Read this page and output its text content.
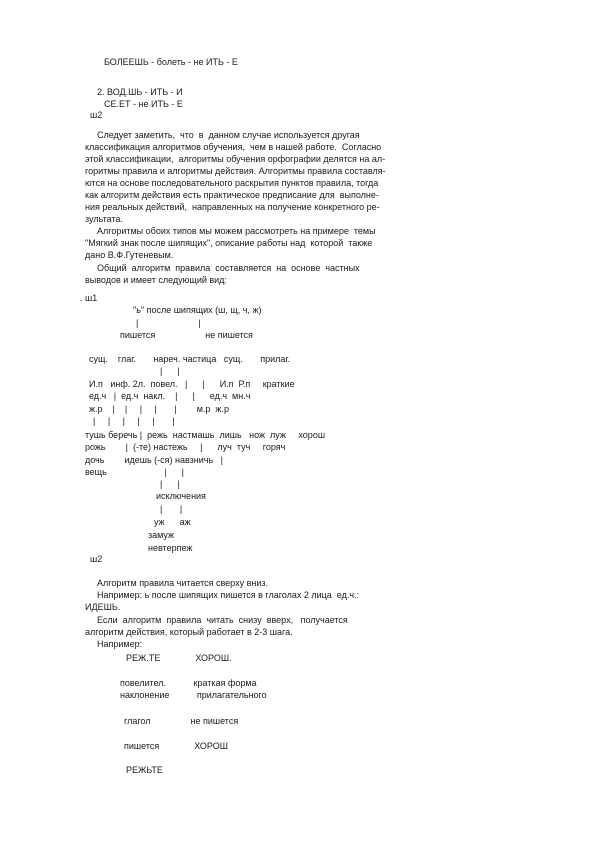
БОЛЕЕШЬ - болеть - не ИТЬ - Е

2. ВОД.ШЬ - ИТЬ - И

СЕ.ЕТ - не ИТЬ - Е

ш2

Следует заметить,  что  в  данном случае используется другая

классификация алгоритмов обучения,  чем в нашей работе.  Согласно

этой классификации,  алгоритмы обучения орфографии делятся на ал-

горитмы правила и алгоритмы действия. Алгоритмы правила составля-

ются на основе последовательного раскрытия пунктов правила, тогда

как алгоритм действия есть практическое предписание для  выполне-

ния реальных действий,  направленных на получение конкретного ре-

зультата.

Алгоритмы обоих типов мы можем рассмотреть на примере  темы

"Мягкий знак после шипящих", описание работы над  которой  также

дано В.Ф.Гутеневым.

Общий  алгоритм  правила  составляется  на  основе  частных

выводов и имеет следующий вид:

. ш1

"ь" после шипящих (ш, щ, ч, ж)

|                        |

пишется                    не пишется

сущ.    глаг.       нареч. частица   сущ.       прилаг.

|      |

И.п   инф. 2л.  повел.   |      |      И.п  Р.п     краткие

ед.ч   |  ед.ч  накл.    |      |      ед.ч  мн.ч

ж.р    |    |     |     |       |        м.р  ж.р

|     |     |     |     |       |

тушь беречь |  режь  настмашь  лишь   нож  луж     хорош

рожь        |  (-те) настежь     |      луч  туч     горяч

дочь        идешь (-ся) навзничь   |

вещь                       |      |

|      |

исключения

|       |

уж      аж

замуж

невтерпеж

ш2

Алгоритм правила читается сверху вниз.

Например: ь после шипящих пишется в глаголах 2 лица  ед.ч.:

ИДЕШЬ.

Если  алгоритм  правила  читать  снизу  вверх,   получается

алгоритм действия, который работает в 2-3 шага.

Например:

РЕЖ.ТЕ              ХОРОШ.

повелител.           краткая форма

наклонение           прилагательного

глагол                не пишется

пишется              ХОРОШ

РЕЖЬТЕ
